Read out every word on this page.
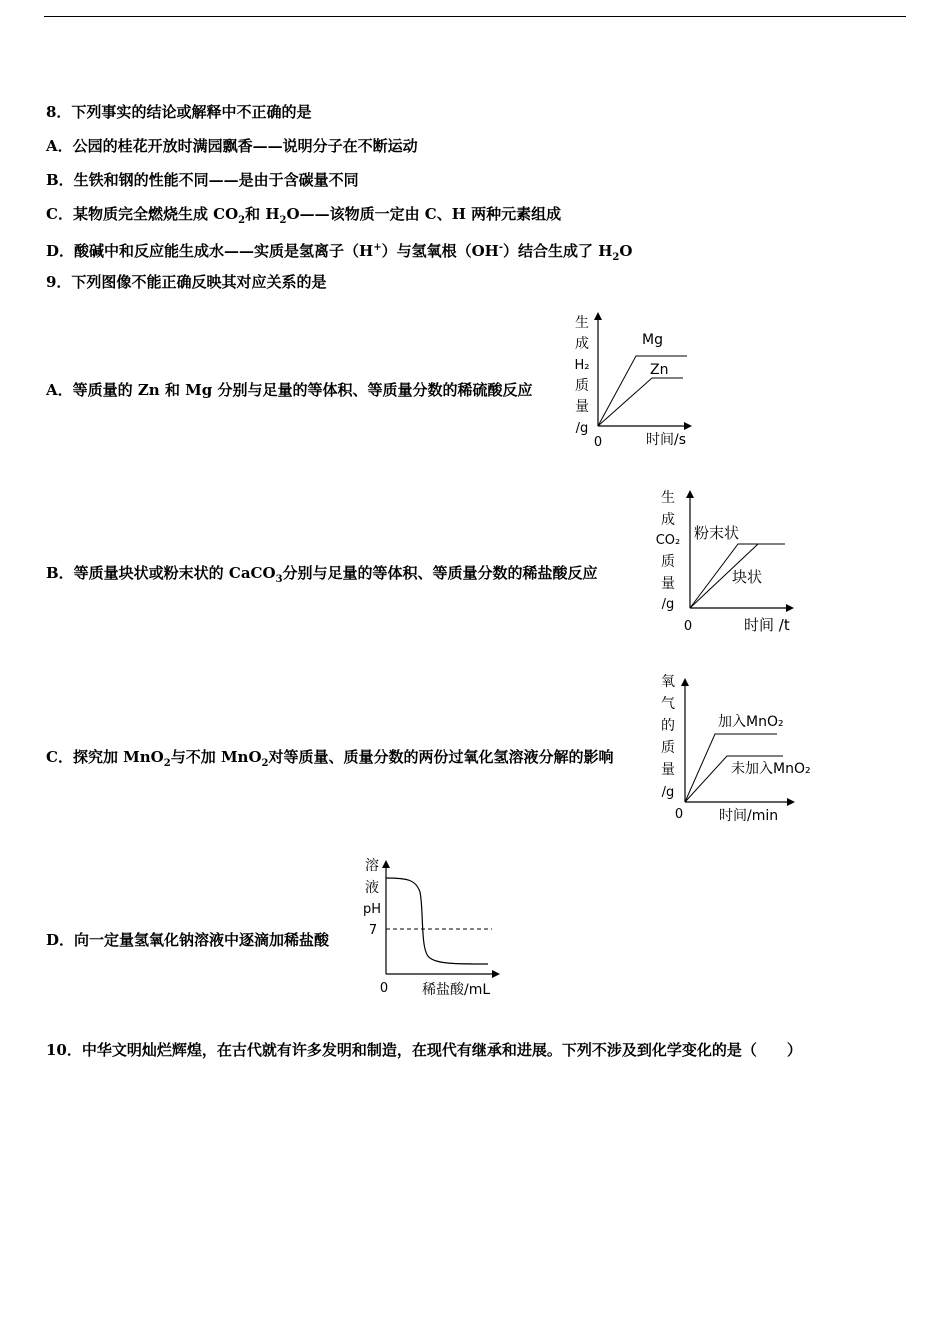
8．下列事实的结论或解释中不正确的是
A．公园的桂花开放时满园飘香——说明分子在不断运动
B．生铁和钢的性能不同——是由于含碳量不同
C．某物质完全燃烧生成 $CO_2$和 $H_2O——$该物质一定由 C、H 两种元素组成
D．酸碱中和反应能生成水——实质是氢离子（H+）与氢氧根（OH-）结合生成了 $H_2O$
9．下列图像不能正确反映其对应关系的是
A．等质量的 Zn 和 Mg 分别与足量的等体积、等质量分数的稀硫酸反应
生
成
H₂
质
量
/g
Mg
Zn
0	时间/s
B．等质量块状或粉末状的 CaCO$_3$分别与足量的等体积、等质量分数的稀盐酸反应
生
成
CO₂
质
量
/g
粉末状
块状
0	时间 /t
C．探究加 MnO$_2$与不加 MnO$_2$对等质量、质量分数的两份过氧化氢溶液分解的影响
氧
气
的
质
量
/g
加入MnO₂
未加入MnO₂
0	时间/min
D．向一定量氢氧化钠溶液中逐滴加稀盐酸
溶
液
pH
7
0 稀盐酸/mL
10．中华文明灿烂辉煌，在古代就有许多发明和制造，在现代有继承和进展。下列不涉及到化学变化的是（　　）
